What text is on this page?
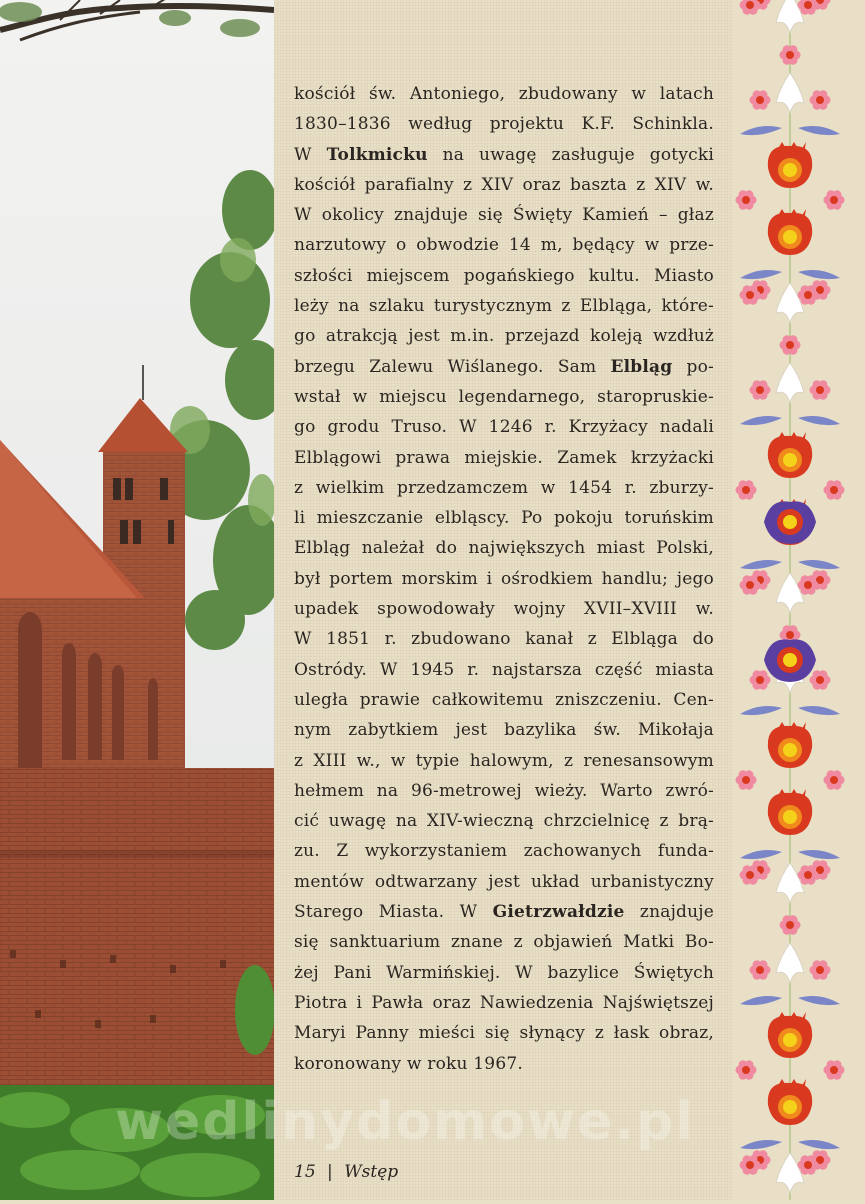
kościół św. Antoniego, zbudowany w latach
1830–1836 według projektu K.F. Schinkla.
W Tolkmicku na uwagę zasługuje gotycki
kościół parafialny z XIV oraz baszta z XIV w.
W okolicy znajduje się Święty Kamień – głaz
narzutowy o obwodzie 14 m, będący w prze-
szłości miejscem pogańskiego kultu. Miasto
leży na szlaku turystycznym z Elbląga, które-
go atrakcją jest m.in. przejazd koleją wzdłuż
brzegu Zalewu Wiślanego. Sam Elbląg po-
wstał w miejscu legendarnego, staropruskie-
go grodu Truso. W 1246 r. Krzyżacy nadali
Elblągowi prawa miejskie. Zamek krzyżacki
z wielkim przedzamczem w 1454 r. zburzy-
li mieszczanie elbląscy. Po pokoju toruńskim
Elbląg należał do największych miast Polski,
był portem morskim i ośrodkiem handlu; jego
upadek spowodowały wojny XVII–XVIII w.
W 1851 r. zbudowano kanał z Elbląga do
Ostródy. W 1945 r. najstarsza część miasta
uległa prawie całkowitemu zniszczeniu. Cen-
nym zabytkiem jest bazylika św. Mikołaja
z XIII w., w typie halowym, z renesansowym
hełmem na 96-metrowej wieży. Warto zwró-
cić uwagę na XIV-wieczną chrzcielnicę z brą-
zu. Z wykorzystaniem zachowanych funda-
mentów odtwarzany jest układ urbanistyczny
Starego Miasta. W Gietrzwałdzie znajduje
się sanktuarium znane z objawień Matki Bo-
żej Pani Warmińskiej. W bazylice Świętych
Piotra i Pawła oraz Nawiedzenia Najświętszej
Maryi Panny mieści się słynący z łask obraz,
koronowany w roku 1967.
15 | Wstęp
wedlinydomowe.pl
